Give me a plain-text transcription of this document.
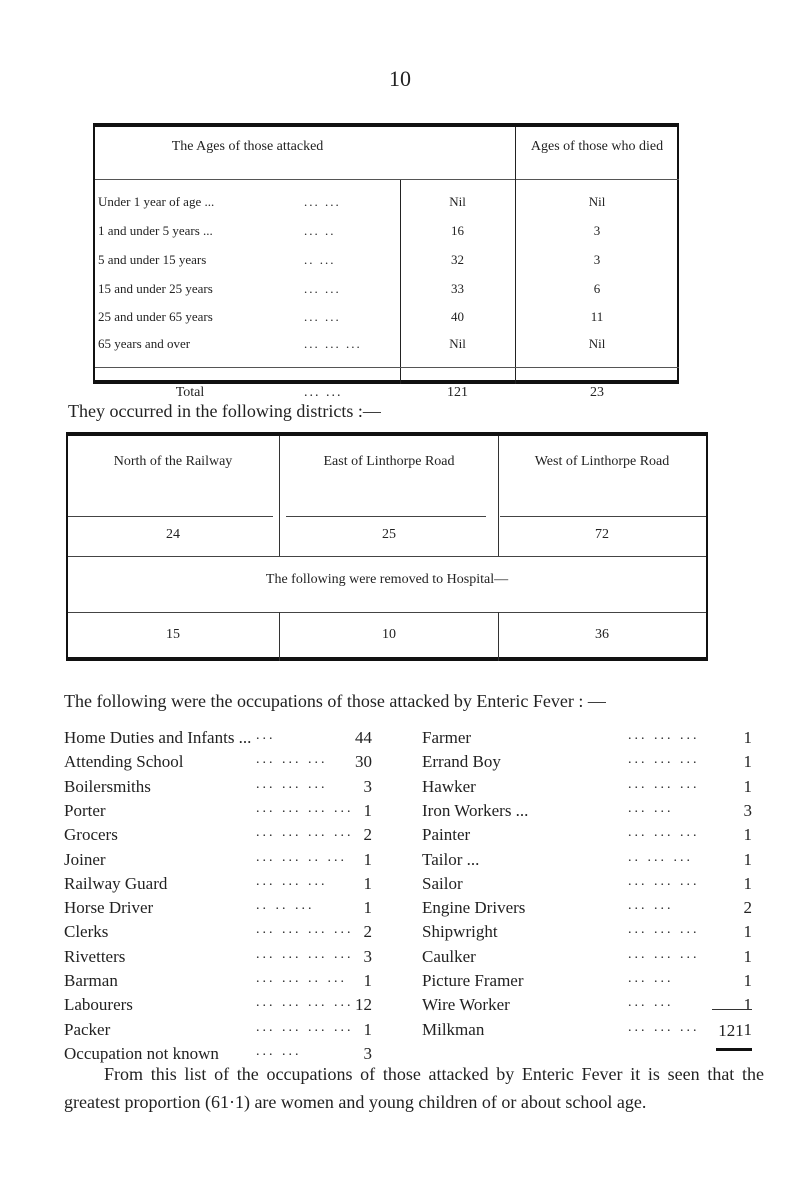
10
The Ages of those attacked	Ages of those who died
Under 1 year of age ...	... ...	Nil	Nil
1 and under 5 years ...	... ..	16	3
5 and under 15 years	.. ...	32	3
15 and under 25 years	... ...	33	6
25 and under 65 years	... ...	40	11
65 years and over	... ... ...	Nil	Nil
Total	... ...	121	23
They occurred in the following districts :—
North of the Railway	East of Linthorpe Road	West of Linthorpe Road
24	25	72
The following were removed to Hospital—
15	10	36
The following were the occupations of those attacked by Enteric Fever : —
Home Duties and Infants ... ...	44
Attending School	... ... ...	30
Boilersmiths	... ... ...	3
Porter	... ... ... ... 1
Grocers	... ... ... ... 2
Joiner	... ... .. ... 1
Railway Guard	... ... ...	1
Horse Driver	.. .. ...	1
Clerks	... ... ... ... 2
Rivetters	... ... ... ... 3
Barman	... ... .. ... 1
Labourers	... ... ... ... 12
Packer	... ... ... ... 1
Occupation not known	... ...	3
Farmer	... ... ...	1
Errand Boy	... ... ...	1
Hawker	... ... ...	1
Iron Workers ...	... ...	3
Painter	... ... ...	1
Tailor ...	.. ... ...	1
Sailor	... ... ...	1
Engine Drivers	... ...	2
Shipwright	... ... ...	1
Caulker	... ... ...	1
Picture Framer	... ...	1
Wire Worker	... ...	1
Milkman	... ... ...	1
121
From this list of the occupations of those attacked by Enteric Fever it is seen that the greatest proportion (61·1) are women and young children of or about school age.
